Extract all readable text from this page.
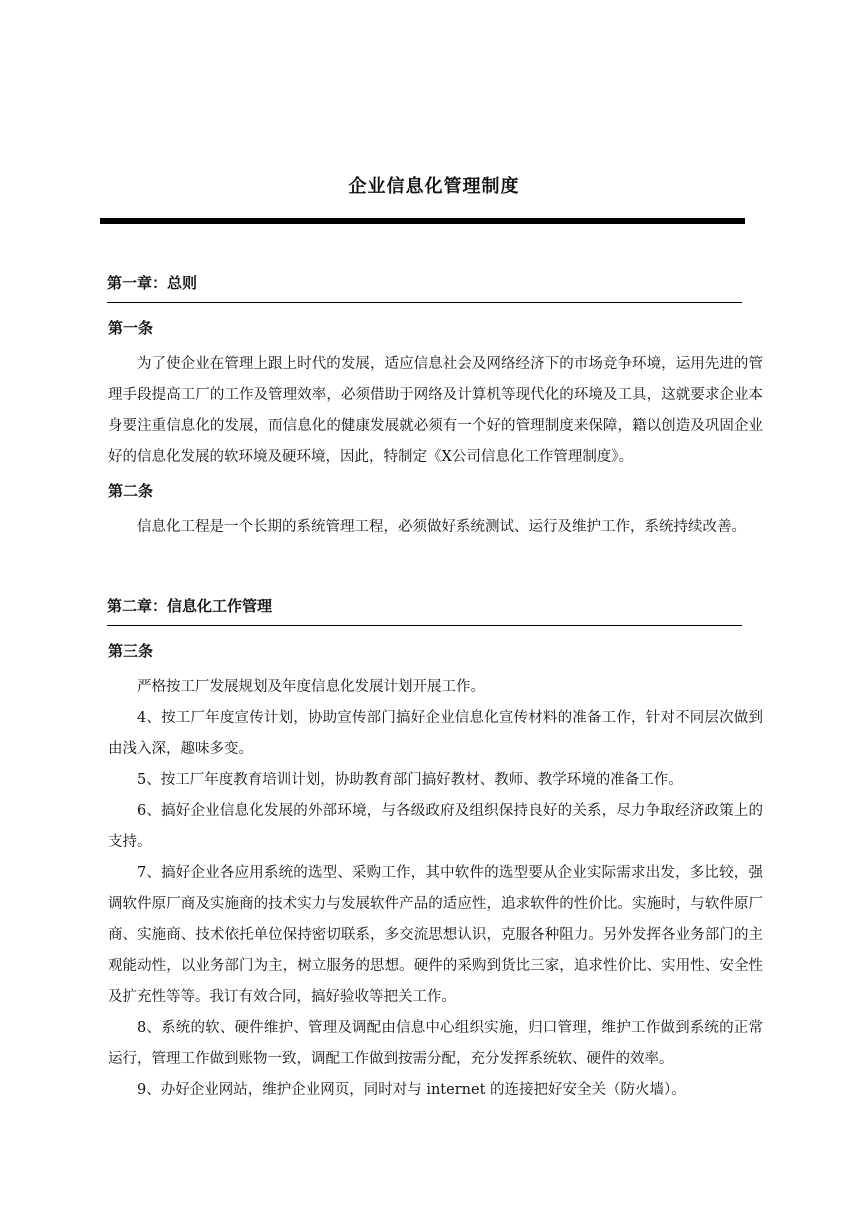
企业信息化管理制度
第一章：总则
第一条

为了使企业在管理上跟上时代的发展，适应信息社会及网络经济下的市场竞争环境，运用先进的管理手段提高工厂的工作及管理效率，必须借助于网络及计算机等现代化的环境及工具，这就要求企业本身要注重信息化的发展，而信息化的健康发展就必须有一个好的管理制度来保障，籍以创造及巩固企业好的信息化发展的软环境及硬环境，因此，特制定《X公司信息化工作管理制度》。

第二条

信息化工程是一个长期的系统管理工程，必须做好系统测试、运行及维护工作，系统持续改善。

第二章：信息化工作管理
第三条

严格按工厂发展规划及年度信息化发展计划开展工作。

4、按工厂年度宣传计划，协助宣传部门搞好企业信息化宣传材料的准备工作，针对不同层次做到由浅入深，趣味多变。

5、按工厂年度教育培训计划，协助教育部门搞好教材、教师、教学环境的准备工作。

6、搞好企业信息化发展的外部环境，与各级政府及组织保持良好的关系，尽力争取经济政策上的支持。

7、搞好企业各应用系统的选型、采购工作，其中软件的选型要从企业实际需求出发，多比较，强调软件原厂商及实施商的技术实力与发展软件产品的适应性，追求软件的性价比。实施时，与软件原厂商、实施商、技术依托单位保持密切联系，多交流思想认识，克服各种阻力。另外发挥各业务部门的主观能动性，以业务部门为主，树立服务的思想。硬件的采购到货比三家，追求性价比、实用性、安全性及扩充性等等。我订有效合同，搞好验收等把关工作。

8、系统的软、硬件维护、管理及调配由信息中心组织实施，归口管理，维护工作做到系统的正常运行，管理工作做到账物一致，调配工作做到按需分配，充分发挥系统软、硬件的效率。

9、办好企业网站，维护企业网页，同时对与 internet 的连接把好安全关（防火墙）。
